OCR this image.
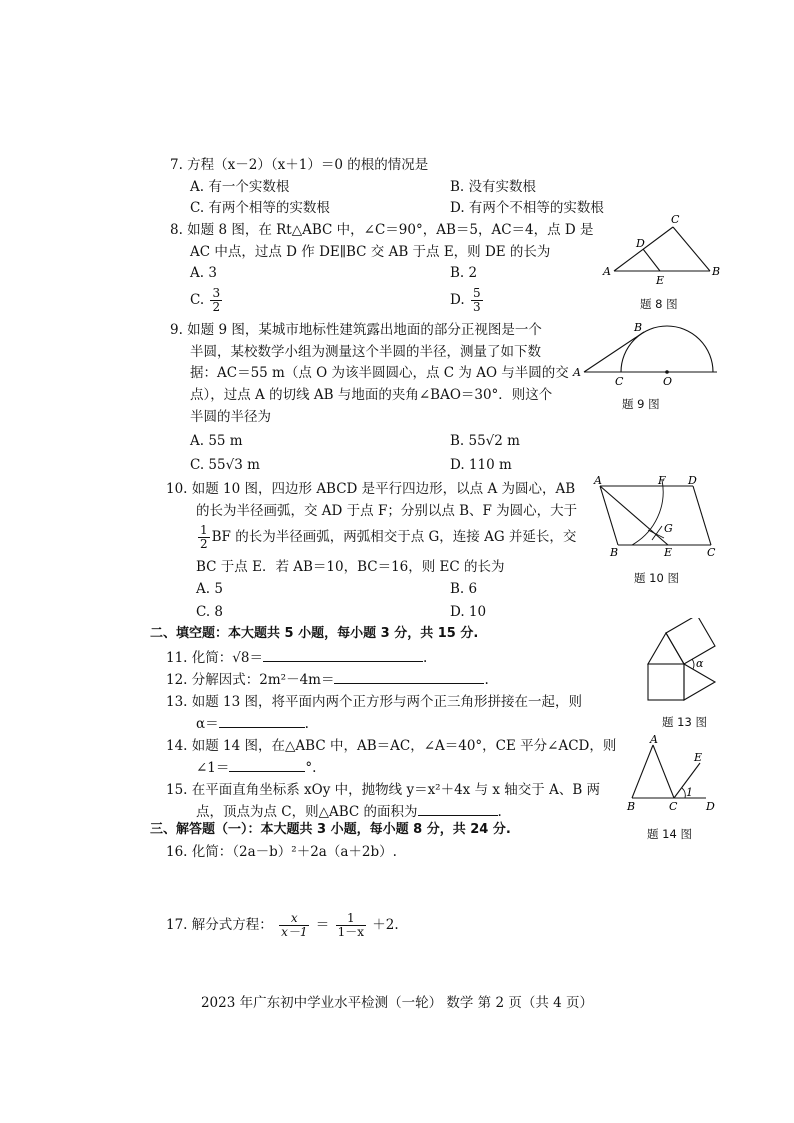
7. 方程（x－2）（x＋1）＝0 的根的情况是
A. 有一个实数根	B. 没有实数根
C. 有两个相等的实数根	D. 有两个不相等的实数根
8. 如题 8 图，在 Rt△ABC 中，∠C＝90°，AB＝5，AC＝4，点 D 是
AC 中点，过点 D 作 DE∥BC 交 AB 于点 E，则 DE 的长为
A. 3	B. 2
C. $\frac{3}{2}$	D. $\frac{5}{3}$
A	B
C
D
E
题 8 图
9. 如题 9 图，某城市地标性建筑露出地面的部分正视图是一个
半圆，某校数学小组为测量这个半圆的半径，测量了如下数
据：AC＝55 m（点 O 为该半圆圆心，点 C 为 AO 与半圆的交
点），过点 A 的切线 AB 与地面的夹角∠BAO＝30°．则这个
半圆的半径为
A. 55 m	B. 55√2 m
C. 55√3 m	D. 110 m
A
B
C	O
题 9 图
10. 如题 10 图，四边形 ABCD 是平行四边形，以点 A 为圆心，AB
的长为半径画弧，交 AD 于点 F；分别以点 B、F 为圆心，大于
$\frac{1}{2}$ BF 的长为半径画弧，两弧相交于点 G，连接 AG 并延长，交
BC 于点 E．若 AB＝10，BC＝16，则 EC 的长为
A. 5	B. 6
C. 8	D. 10
A	F D
G
B	E	C
题 10 图
二、填空题：本大题共 5 小题，每小题 3 分，共 15 分.
11. 化简：√8＝	.
12. 分解因式：2m²－4m＝	.
13. 如题 13 图，将平面内两个正方形与两个正三角形拼接在一起，则
α＝	.
α
题 13 图
14. 如题 14 图，在△ABC 中，AB＝AC，∠A＝40°，CE 平分∠ACD，则
∠1＝	°.
15. 在平面直角坐标系 xOy 中，抛物线 y＝x²＋4x 与 x 轴交于 A、B 两
点，顶点为点 C，则△ABC 的面积为	.	B
A
C	D
E
1
题 14 图
三、解答题（一）：本大题共 3 小题，每小题 8 分，共 24 分.
16. 化简：（2a－b）²＋2a（a＋2b）.
17. 解分式方程： $\frac{x}{x-1} = \frac{1}{1-x} +2$.
2023 年广东初中学业水平检测（一轮） 数学 第 2 页（共 4 页）
